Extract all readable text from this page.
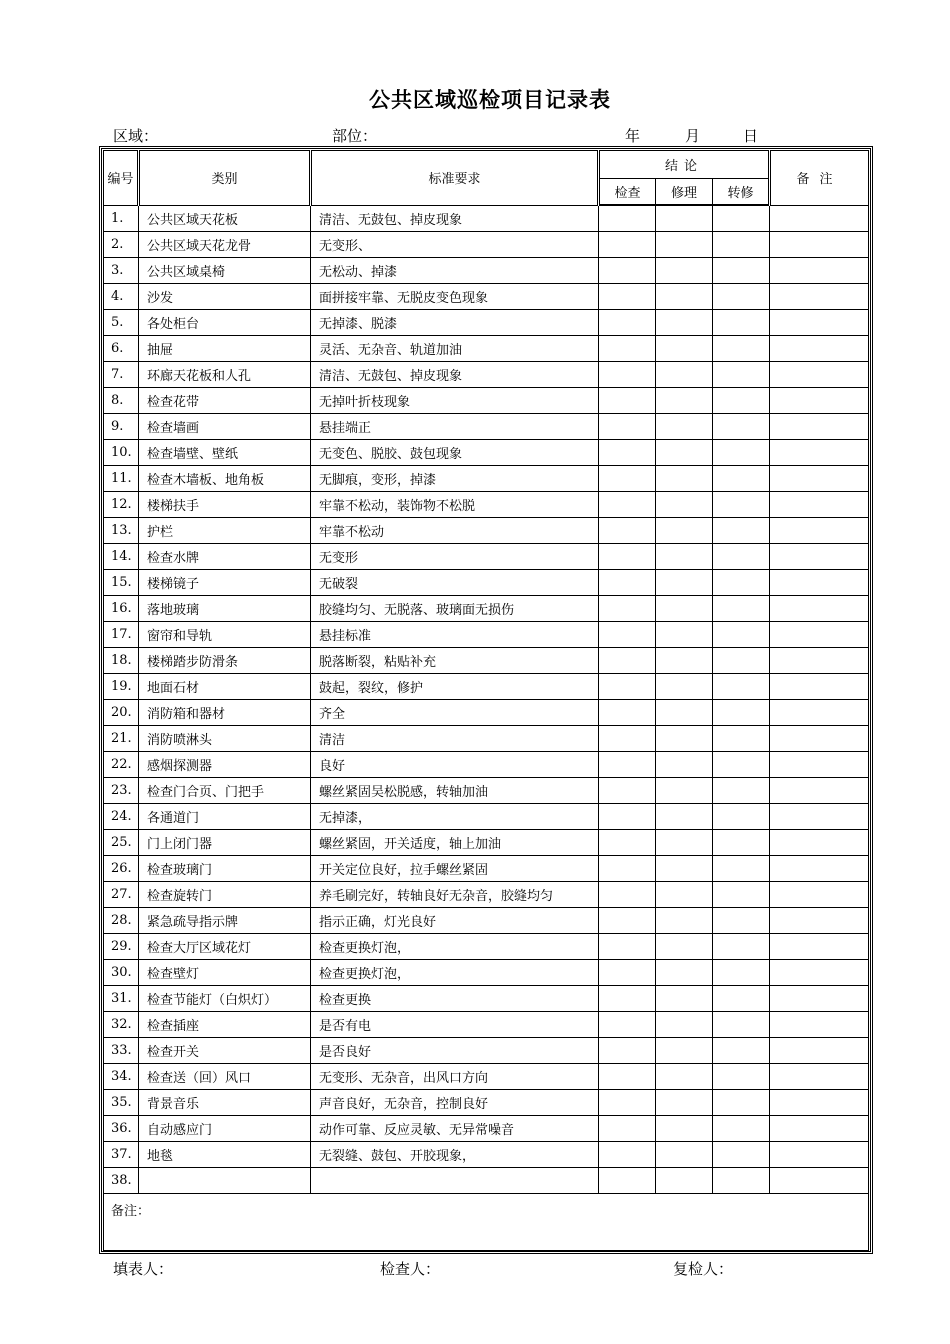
公共区域巡检项目记录表
区域：	部位：	年	月	日
编号	类别	标准要求	结论			备注
			检查	修理	转修	
1.	公共区域天花板	清洁、无鼓包、掉皮现象				
2.	公共区域天花龙骨	无变形、				
3.	公共区域桌椅	无松动、掉漆				
4.	沙发	面拼接牢靠、无脱皮变色现象				
5.	各处柜台	无掉漆、脱漆				
6.	抽屉	灵活、无杂音、轨道加油				
7.	环廊天花板和人孔	清洁、无鼓包、掉皮现象				
8.	检查花带	无掉叶折枝现象				
9.	检查墙画	悬挂端正				
10.	检查墙壁、壁纸	无变色、脱胶、鼓包现象				
11.	检查木墙板、地角板	无脚痕，变形，掉漆				
12.	楼梯扶手	牢靠不松动，装饰物不松脱				
13.	护栏	牢靠不松动				
14.	检查水牌	无变形				
15.	楼梯镜子	无破裂				
16.	落地玻璃	胶缝均匀、无脱落、玻璃面无损伤				
17.	窗帘和导轨	悬挂标准				
18.	楼梯踏步防滑条	脱落断裂，粘贴补充				
19.	地面石材	鼓起，裂纹，修护				
20.	消防箱和器材	齐全				
21.	消防喷淋头	清洁				
22.	感烟探测器	良好				
23.	检查门合页、门把手	螺丝紧固吴松脱感，转轴加油				
24.	各通道门	无掉漆，				
25.	门上闭门器	螺丝紧固，开关适度，轴上加油				
26.	检查玻璃门	开关定位良好，拉手螺丝紧固				
27.	检查旋转门	养毛刷完好，转轴良好无杂音，胶缝均匀				
28.	紧急疏导指示牌	指示正确，灯光良好				
29.	检查大厅区域花灯	检查更换灯泡，				
30.	检查壁灯	检查更换灯泡，				
31.	检查节能灯（白炽灯）	检查更换				
32.	检查插座	是否有电				
33.	检查开关	是否良好				
34.	检查送（回）风口	无变形、无杂音，出风口方向				
35.	背景音乐	声音良好，无杂音，控制良好				
36.	自动感应门	动作可靠、反应灵敏、无异常噪音				
37.	地毯	无裂缝、鼓包、开胶现象，				
38.						
备注：						
填表人：	检查人：	复检人：
